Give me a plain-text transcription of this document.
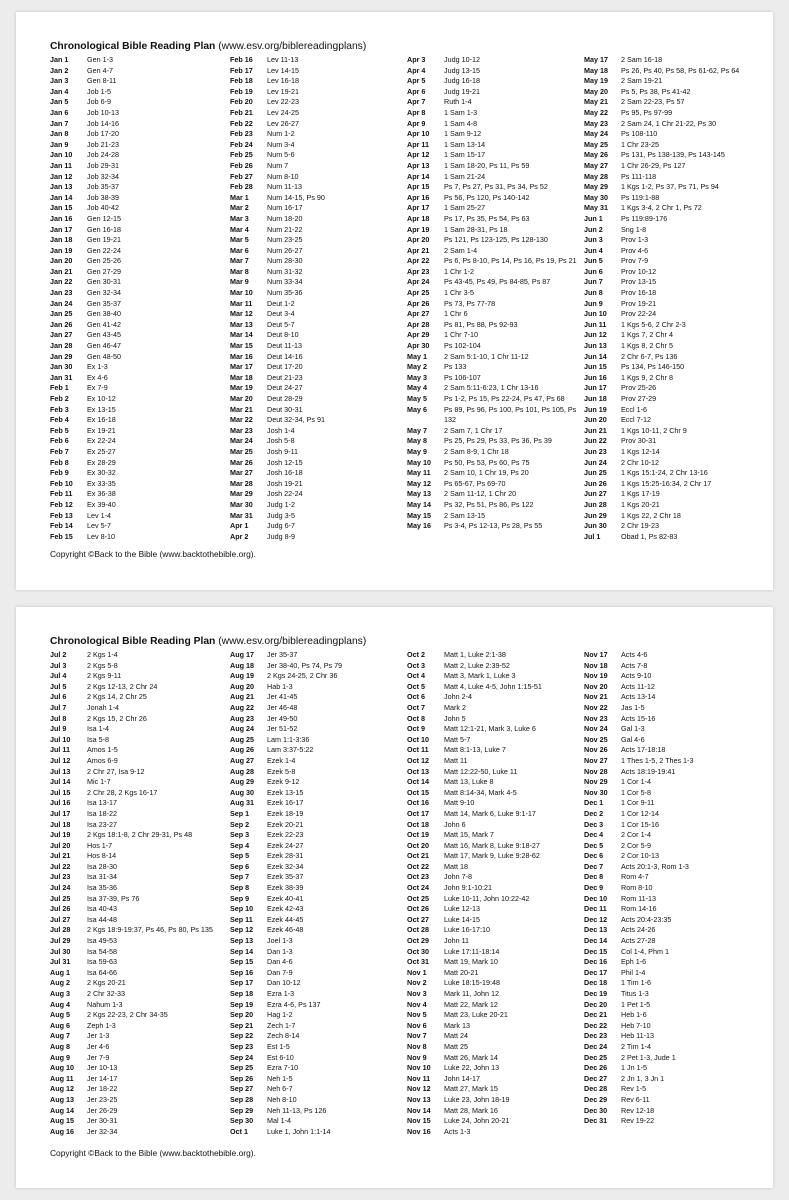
Chronological Bible Reading Plan (www.esv.org/biblereadingplans)
Jan 1	Gen 1-3
Jan 2	Gen 4-7
Jan 3	Gen 8-11
Jan 4	Job 1-5
Jan 5	Job 6-9
Jan 6	Job 10-13
Jan 7	Job 14-16
Jan 8	Job 17-20
Jan 9	Job 21-23
Jan 10	Job 24-28
Jan 11	Job 29-31
Jan 12	Job 32-34
Jan 13	Job 35-37
Jan 14	Job 38-39
Jan 15	Job 40-42
Jan 16	Gen 12-15
Jan 17	Gen 16-18
Jan 18	Gen 19-21
Jan 19	Gen 22-24
Jan 20	Gen 25-26
Jan 21	Gen 27-29
Jan 22	Gen 30-31
Jan 23	Gen 32-34
Jan 24	Gen 35-37
Jan 25	Gen 38-40
Jan 26	Gen 41-42
Jan 27	Gen 43-45
Jan 28	Gen 46-47
Jan 29	Gen 48-50
Jan 30	Ex 1-3
Jan 31	Ex 4-6
Feb 1	Ex 7-9
Feb 2	Ex 10-12
Feb 3	Ex 13-15
Feb 4	Ex 16-18
Feb 5	Ex 19-21
Feb 6	Ex 22-24
Feb 7	Ex 25-27
Feb 8	Ex 28-29
Feb 9	Ex 30-32
Feb 10	Ex 33-35
Feb 11	Ex 36-38
Feb 12	Ex 39-40
Feb 13	Lev 1-4
Feb 14	Lev 5-7
Feb 15	Lev 8-10
Feb 16	Lev 11-13
Feb 17	Lev 14-15
Feb 18	Lev 16-18
Feb 19	Lev 19-21
Feb 20	Lev 22-23
Feb 21	Lev 24-25
Feb 22	Lev 26-27
Feb 23	Num 1-2
Feb 24	Num 3-4
Feb 25	Num 5-6
Feb 26	Num 7
Feb 27	Num 8-10
Feb 28	Num 11-13
Mar 1	Num 14-15, Ps 90
Mar 2	Num 16-17
Mar 3	Num 18-20
Mar 4	Num 21-22
Mar 5	Num 23-25
Mar 6	Num 26-27
Mar 7	Num 28-30
Mar 8	Num 31-32
Mar 9	Num 33-34
Mar 10	Num 35-36
Mar 11	Deut 1-2
Mar 12	Deut 3-4
Mar 13	Deut 5-7
Mar 14	Deut 8-10
Mar 15	Deut 11-13
Mar 16	Deut 14-16
Mar 17	Deut 17-20
Mar 18	Deut 21-23
Mar 19	Deut 24-27
Mar 20	Deut 28-29
Mar 21	Deut 30-31
Mar 22	Deut 32-34, Ps 91
Mar 23	Josh 1-4
Mar 24	Josh 5-8
Mar 25	Josh 9-11
Mar 26	Josh 12-15
Mar 27	Josh 16-18
Mar 28	Josh 19-21
Mar 29	Josh 22-24
Mar 30	Judg 1-2
Mar 31	Judg 3-5
Apr 1	Judg 6-7
Apr 2	Judg 8-9
Apr 3	Judg 10-12
Apr 4	Judg 13-15
Apr 5	Judg 16-18
Apr 6	Judg 19-21
Apr 7	Ruth 1-4
Apr 8	1 Sam 1-3
Apr 9	1 Sam 4-8
Apr 10	1 Sam 9-12
Apr 11	1 Sam 13-14
Apr 12	1 Sam 15-17
Apr 13	1 Sam 18-20, Ps 11, Ps 59
Apr 14	1 Sam 21-24
Apr 15	Ps 7, Ps 27, Ps 31, Ps 34, Ps 52
Apr 16	Ps 56, Ps 120, Ps 140-142
Apr 17	1 Sam 25-27
Apr 18	Ps 17, Ps 35, Ps 54, Ps 63
Apr 19	1 Sam 28-31, Ps 18
Apr 20	Ps 121, Ps 123-125, Ps 128-130
Apr 21	2 Sam 1-4
Apr 22	Ps 6, Ps 8-10, Ps 14, Ps 16, Ps 19, Ps 21
Apr 23	1 Chr 1-2
Apr 24	Ps 43-45, Ps 49, Ps 84-85, Ps 87
Apr 25	1 Chr 3-5
Apr 26	Ps 73, Ps 77-78
Apr 27	1 Chr 6
Apr 28	Ps 81, Ps 88, Ps 92-93
Apr 29	1 Chr 7-10
Apr 30	Ps 102-104
May 1	2 Sam 5:1-10, 1 Chr 11-12
May 2	Ps 133
May 3	Ps 106-107
May 4	2 Sam 5:11-6:23, 1 Chr 13-16
May 5	Ps 1-2, Ps 15, Ps 22-24, Ps 47, Ps 68
May 6	Ps 89, Ps 96, Ps 100, Ps 101, Ps 105, Ps 132
May 7	2 Sam 7, 1 Chr 17
May 8	Ps 25, Ps 29, Ps 33, Ps 36, Ps 39
May 9	2 Sam 8-9, 1 Chr 18
May 10	Ps 50, Ps 53, Ps 60, Ps 75
May 11	2 Sam 10, 1 Chr 19, Ps 20
May 12	Ps 65-67, Ps 69-70
May 13	2 Sam 11-12, 1 Chr 20
May 14	Ps 32, Ps 51, Ps 86, Ps 122
May 15	2 Sam 13-15
May 16	Ps 3-4, Ps 12-13, Ps 28, Ps 55
May 17	2 Sam 16-18
May 18	Ps 26, Ps 40, Ps 58, Ps 61-62, Ps 64
May 19	2 Sam 19-21
May 20	Ps 5, Ps 38, Ps 41-42
May 21	2 Sam 22-23, Ps 57
May 22	Ps 95, Ps 97-99
May 23	2 Sam 24, 1 Chr 21-22, Ps 30
May 24	Ps 108-110
May 25	1 Chr 23-25
May 26	Ps 131, Ps 138-139, Ps 143-145
May 27	1 Chr 26-29, Ps 127
May 28	Ps 111-118
May 29	1 Kgs 1-2, Ps 37, Ps 71, Ps 94
May 30	Ps 119:1-88
May 31	1 Kgs 3-4, 2 Chr 1, Ps 72
Jun 1	Ps 119:89-176
Jun 2	Sng 1-8
Jun 3	Prov 1-3
Jun 4	Prov 4-6
Jun 5	Prov 7-9
Jun 6	Prov 10-12
Jun 7	Prov 13-15
Jun 8	Prov 16-18
Jun 9	Prov 19-21
Jun 10	Prov 22-24
Jun 11	1 Kgs 5-6, 2 Chr 2-3
Jun 12	1 Kgs 7, 2 Chr 4
Jun 13	1 Kgs 8, 2 Chr 5
Jun 14	2 Chr 6-7, Ps 136
Jun 15	Ps 134, Ps 146-150
Jun 16	1 Kgs 9, 2 Chr 8
Jun 17	Prov 25-26
Jun 18	Prov 27-29
Jun 19	Eccl 1-6
Jun 20	Eccl 7-12
Jun 21	1 Kgs 10-11, 2 Chr 9
Jun 22	Prov 30-31
Jun 23	1 Kgs 12-14
Jun 24	2 Chr 10-12
Jun 25	1 Kgs 15:1-24, 2 Chr 13-16
Jun 26	1 Kgs 15:25-16:34, 2 Chr 17
Jun 27	1 Kgs 17-19
Jun 28	1 Kgs 20-21
Jun 29	1 Kgs 22, 2 Chr 18
Jun 30	2 Chr 19-23
Jul 1	Obad 1, Ps 82-83
Copyright ©Back to the Bible (www.backtothebible.org).
Chronological Bible Reading Plan (www.esv.org/biblereadingplans)
Jul 2	2 Kgs 1-4
Jul 3	2 Kgs 5-8
Jul 4	2 Kgs 9-11
Jul 5	2 Kgs 12-13, 2 Chr 24
Jul 6	2 Kgs 14, 2 Chr 25
Jul 7	Jonah 1-4
Jul 8	2 Kgs 15, 2 Chr 26
Jul 9	Isa 1-4
Jul 10	Isa 5-8
Jul 11	Amos 1-5
Jul 12	Amos 6-9
Jul 13	2 Chr 27, Isa 9-12
Jul 14	Mic 1-7
Jul 15	2 Chr 28, 2 Kgs 16-17
Jul 16	Isa 13-17
Jul 17	Isa 18-22
Jul 18	Isa 23-27
Jul 19	2 Kgs 18:1-8, 2 Chr 29-31, Ps 48
Jul 20	Hos 1-7
Jul 21	Hos 8-14
Jul 22	Isa 28-30
Jul 23	Isa 31-34
Jul 24	Isa 35-36
Jul 25	Isa 37-39, Ps 76
Jul 26	Isa 40-43
Jul 27	Isa 44-48
Jul 28	2 Kgs 18:9-19:37, Ps 46, Ps 80, Ps 135
Jul 29	Isa 49-53
Jul 30	Isa 54-58
Jul 31	Isa 59-63
Aug 1	Isa 64-66
Aug 2	2 Kgs 20-21
Aug 3	2 Chr 32-33
Aug 4	Nahum 1-3
Aug 5	2 Kgs 22-23, 2 Chr 34-35
Aug 6	Zeph 1-3
Aug 7	Jer 1-3
Aug 8	Jer 4-6
Aug 9	Jer 7-9
Aug 10	Jer 10-13
Aug 11	Jer 14-17
Aug 12	Jer 18-22
Aug 13	Jer 23-25
Aug 14	Jer 26-29
Aug 15	Jer 30-31
Aug 16	Jer 32-34
Aug 17	Jer 35-37
Aug 18	Jer 38-40, Ps 74, Ps 79
Aug 19	2 Kgs 24-25, 2 Chr 36
Aug 20	Hab 1-3
Aug 21	Jer 41-45
Aug 22	Jer 46-48
Aug 23	Jer 49-50
Aug 24	Jer 51-52
Aug 25	Lam 1:1-3:36
Aug 26	Lam 3:37-5:22
Aug 27	Ezek 1-4
Aug 28	Ezek 5-8
Aug 29	Ezek 9-12
Aug 30	Ezek 13-15
Aug 31	Ezek 16-17
Sep 1	Ezek 18-19
Sep 2	Ezek 20-21
Sep 3	Ezek 22-23
Sep 4	Ezek 24-27
Sep 5	Ezek 28-31
Sep 6	Ezek 32-34
Sep 7	Ezek 35-37
Sep 8	Ezek 38-39
Sep 9	Ezek 40-41
Sep 10	Ezek 42-43
Sep 11	Ezek 44-45
Sep 12	Ezek 46-48
Sep 13	Joel 1-3
Sep 14	Dan 1-3
Sep 15	Dan 4-6
Sep 16	Dan 7-9
Sep 17	Dan 10-12
Sep 18	Ezra 1-3
Sep 19	Ezra 4-6, Ps 137
Sep 20	Hag 1-2
Sep 21	Zech 1-7
Sep 22	Zech 8-14
Sep 23	Est 1-5
Sep 24	Est 6-10
Sep 25	Ezra 7-10
Sep 26	Neh 1-5
Sep 27	Neh 6-7
Sep 28	Neh 8-10
Sep 29	Neh 11-13, Ps 126
Sep 30	Mal 1-4
Oct 1	Luke 1, John 1:1-14
Oct 2	Matt 1, Luke 2:1-38
Oct 3	Matt 2, Luke 2:39-52
Oct 4	Matt 3, Mark 1, Luke 3
Oct 5	Matt 4, Luke 4-5, John 1:15-51
Oct 6	John 2-4
Oct 7	Mark 2
Oct 8	John 5
Oct 9	Matt 12:1-21, Mark 3, Luke 6
Oct 10	Matt 5-7
Oct 11	Matt 8:1-13, Luke 7
Oct 12	Matt 11
Oct 13	Matt 12:22-50, Luke 11
Oct 14	Matt 13, Luke 8
Oct 15	Matt 8:14-34, Mark 4-5
Oct 16	Matt 9-10
Oct 17	Matt 14, Mark 6, Luke 9:1-17
Oct 18	John 6
Oct 19	Matt 15, Mark 7
Oct 20	Matt 16, Mark 8, Luke 9:18-27
Oct 21	Matt 17, Mark 9, Luke 9:28-62
Oct 22	Matt 18
Oct 23	John 7-8
Oct 24	John 9:1-10:21
Oct 25	Luke 10-11, John 10:22-42
Oct 26	Luke 12-13
Oct 27	Luke 14-15
Oct 28	Luke 16-17:10
Oct 29	John 11
Oct 30	Luke 17:11-18:14
Oct 31	Matt 19, Mark 10
Nov 1	Matt 20-21
Nov 2	Luke 18:15-19:48
Nov 3	Mark 11, John 12
Nov 4	Matt 22, Mark 12
Nov 5	Matt 23, Luke 20-21
Nov 6	Mark 13
Nov 7	Matt 24
Nov 8	Matt 25
Nov 9	Matt 26, Mark 14
Nov 10	Luke 22, John 13
Nov 11	John 14-17
Nov 12	Matt 27, Mark 15
Nov 13	Luke 23, John 18-19
Nov 14	Matt 28, Mark 16
Nov 15	Luke 24, John 20-21
Nov 16	Acts 1-3
Nov 17	Acts 4-6
Nov 18	Acts 7-8
Nov 19	Acts 9-10
Nov 20	Acts 11-12
Nov 21	Acts 13-14
Nov 22	Jas 1-5
Nov 23	Acts 15-16
Nov 24	Gal 1-3
Nov 25	Gal 4-6
Nov 26	Acts 17-18:18
Nov 27	1 Thes 1-5, 2 Thes 1-3
Nov 28	Acts 18:19-19:41
Nov 29	1 Cor 1-4
Nov 30	1 Cor 5-8
Dec 1	1 Cor 9-11
Dec 2	1 Cor 12-14
Dec 3	1 Cor 15-16
Dec 4	2 Cor 1-4
Dec 5	2 Cor 5-9
Dec 6	2 Cor 10-13
Dec 7	Acts 20:1-3, Rom 1-3
Dec 8	Rom 4-7
Dec 9	Rom 8-10
Dec 10	Rom 11-13
Dec 11	Rom 14-16
Dec 12	Acts 20:4-23:35
Dec 13	Acts 24-26
Dec 14	Acts 27-28
Dec 15	Col 1-4, Phm 1
Dec 16	Eph 1-6
Dec 17	Phil 1-4
Dec 18	1 Tim 1-6
Dec 19	Titus 1-3
Dec 20	1 Pet 1-5
Dec 21	Heb 1-6
Dec 22	Heb 7-10
Dec 23	Heb 11-13
Dec 24	2 Tim 1-4
Dec 25	2 Pet 1-3, Jude 1
Dec 26	1 Jn 1-5
Dec 27	2 Jn 1, 3 Jn 1
Dec 28	Rev 1-5
Dec 29	Rev 6-11
Dec 30	Rev 12-18
Dec 31	Rev 19-22
Copyright ©Back to the Bible (www.backtothebible.org).
